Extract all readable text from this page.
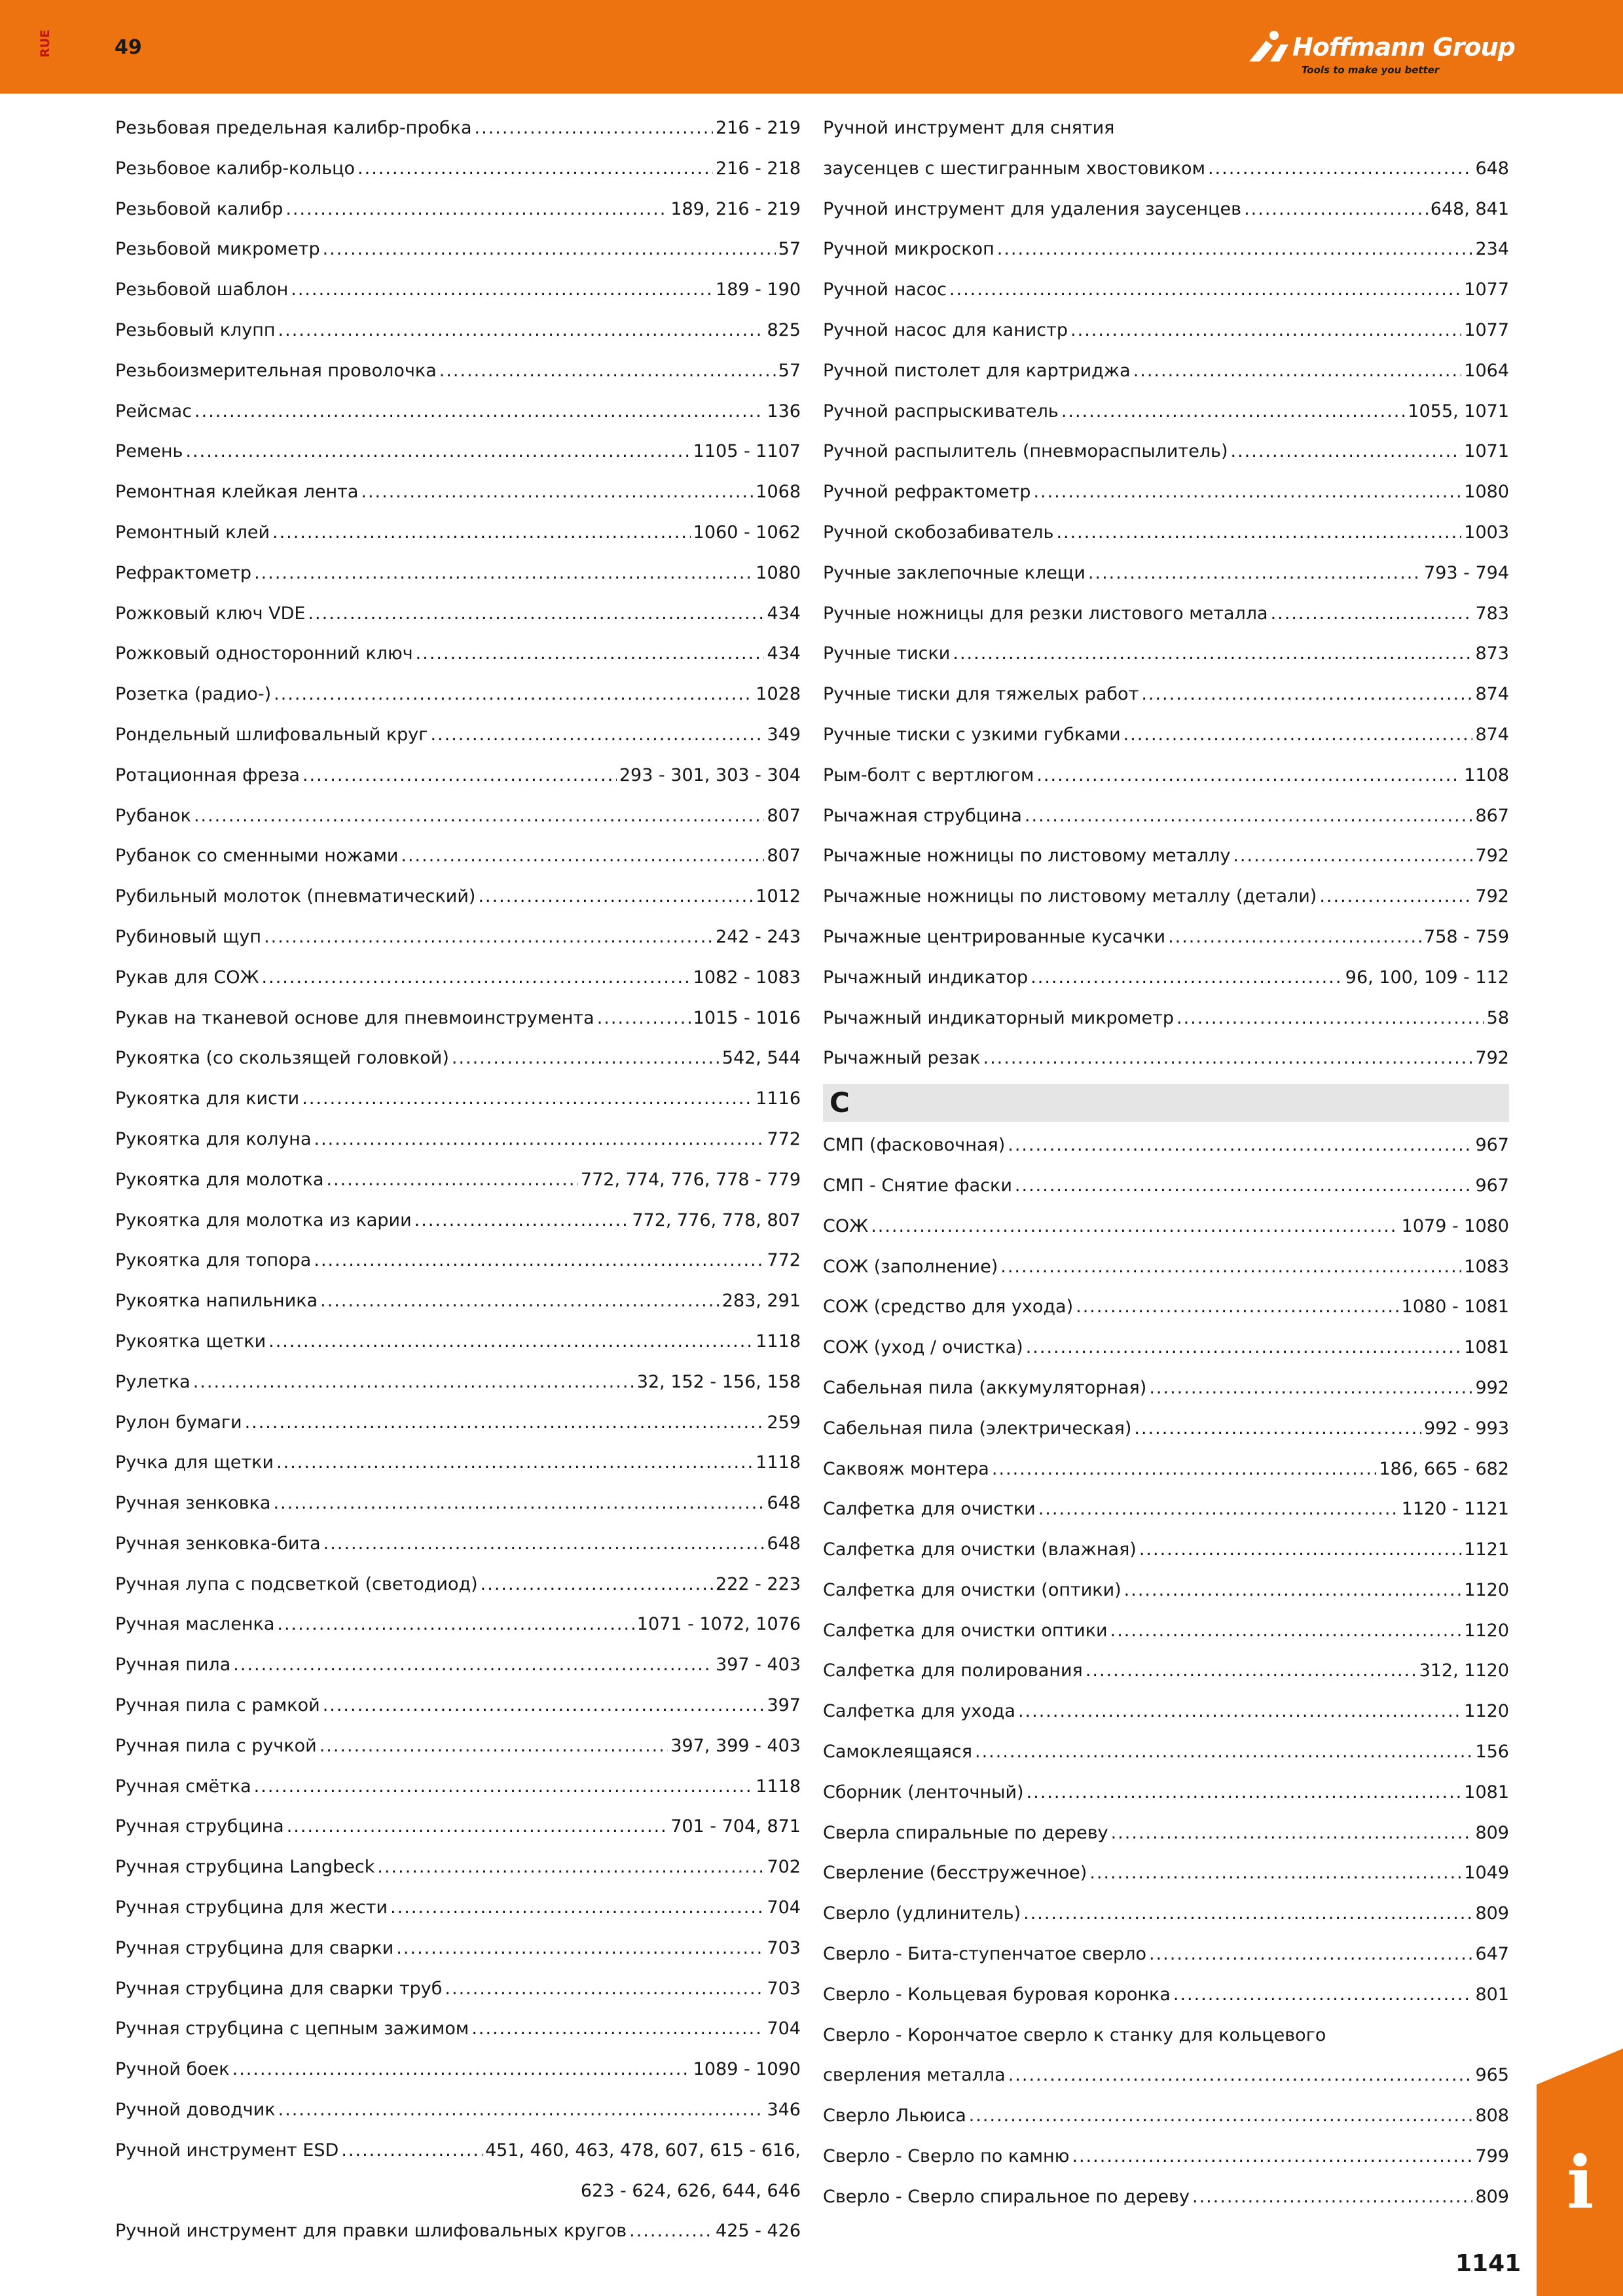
RUE	49	Hoffmann Group
Tools to make you better
Резьбовая предельная калибр-пробка .....	216 - 219
Резьбовое калибр-кольцо .....	216 - 218
Резьбовой калибр .....	189, 216 - 219
Резьбовой микрометр .....	57
Резьбовой шаблон .....	189 - 190
Резьбовый клупп .....	825
Резьбоизмерительная проволочка .....	57
Рейсмас .....	136
Ремень .....	1105 - 1107
Ремонтная клейкая лента .....	1068
Ремонтный клей .....	1060 - 1062
Рефрактометр .....	1080
Рожковый ключ VDE .....	434
Рожковый односторонний ключ .....	434
Розетка (радио-) .....	1028
Рондельный шлифовальный круг .....	349
Ротационная фреза .....	293 - 301, 303 - 304
Рубанок .....	807
Рубанок со сменными ножами .....	807
Рубильный молоток (пневматический) .....	1012
Рубиновый щуп .....	242 - 243
Рукав для СОЖ .....	1082 - 1083
Рукав на тканевой основе для пневмоинструмента .....	1015 - 1016
Рукоятка (со скользящей головкой) .....	542, 544
Рукоятка для кисти .....	1116
Рукоятка для колуна .....	772
Рукоятка для молотка .....	772, 774, 776, 778 - 779
Рукоятка для молотка из карии .....	772, 776, 778, 807
Рукоятка для топора .....	772
Рукоятка напильника .....	283, 291
Рукоятка щетки .....	1118
Рулетка .....	32, 152 - 156, 158
Рулон бумаги .....	259
Ручка для щетки .....	1118
Ручная зенковка .....	648
Ручная зенковка-бита .....	648
Ручная лупа с подсветкой (светодиод) .....	222 - 223
Ручная масленка .....	1071 - 1072, 1076
Ручная пила .....	397 - 403
Ручная пила с рамкой .....	397
Ручная пила с ручкой .....	397, 399 - 403
Ручная смётка .....	1118
Ручная струбцина .....	701 - 704, 871
Ручная струбцина Langbeck .....	702
Ручная струбцина для жести .....	704
Ручная струбцина для сварки .....	703
Ручная струбцина для сварки труб .....	703
Ручная струбцина с цепным зажимом .....	704
Ручной боек .....	1089 - 1090
Ручной доводчик .....	346
Ручной инструмент ESD .....	451, 460, 463, 478, 607, 615 - 616,
623 - 624, 626, 644, 646
Ручной инструмент для правки шлифовальных кругов .....	425 - 426
Ручной инструмент для снятия
заусенцев с шестигранным хвостовиком .....	648
Ручной инструмент для удаления заусенцев .....	648, 841
Ручной микроскоп .....	234
Ручной насос .....	1077
Ручной насос для канистр .....	1077
Ручной пистолет для картриджа .....	1064
Ручной распрыскиватель .....	1055, 1071
Ручной распылитель (пневмораспылитель) .....	1071
Ручной рефрактометр .....	1080
Ручной скобозабиватель .....	1003
Ручные заклепочные клещи .....	793 - 794
Ручные ножницы для резки листового металла .....	783
Ручные тиски .....	873
Ручные тиски для тяжелых работ .....	874
Ручные тиски с узкими губками .....	874
Рым-болт с вертлюгом .....	1108
Рычажная струбцина .....	867
Рычажные ножницы по листовому металлу .....	792
Рычажные ножницы по листовому металлу (детали) .....	792
Рычажные центрированные кусачки .....	758 - 759
Рычажный индикатор .....	96, 100, 109 - 112
Рычажный индикаторный микрометр .....	58
Рычажный резак .....	792
С
СМП (фасковочная) .....	967
СМП - Снятие фаски .....	967
СОЖ .....	1079 - 1080
СОЖ (заполнение) .....	1083
СОЖ (средство для ухода) .....	1080 - 1081
СОЖ (уход / очистка) .....	1081
Сабельная пила (аккумуляторная) .....	992
Сабельная пила (электрическая) .....	992 - 993
Саквояж монтера .....	186, 665 - 682
Салфетка для очистки .....	1120 - 1121
Салфетка для очистки (влажная) .....	1121
Салфетка для очистки (оптики) .....	1120
Салфетка для очистки оптики .....	1120
Салфетка для полирования .....	312, 1120
Салфетка для ухода .....	1120
Самоклеящаяся .....	156
Сборник (ленточный) .....	1081
Сверла спиральные по дереву .....	809
Сверление (бесстружечное) .....	1049
Сверло (удлинитель) .....	809
Сверло - Бита-ступенчатое сверло .....	647
Сверло - Кольцевая буровая коронка .....	801
Сверло - Корончатое сверло к станку для кольцевого
сверления металла .....	965
Сверло Льюиса .....	808
Сверло - Сверло по камню .....	799
Сверло - Сверло спиральное по дереву .....	809 i
1141
